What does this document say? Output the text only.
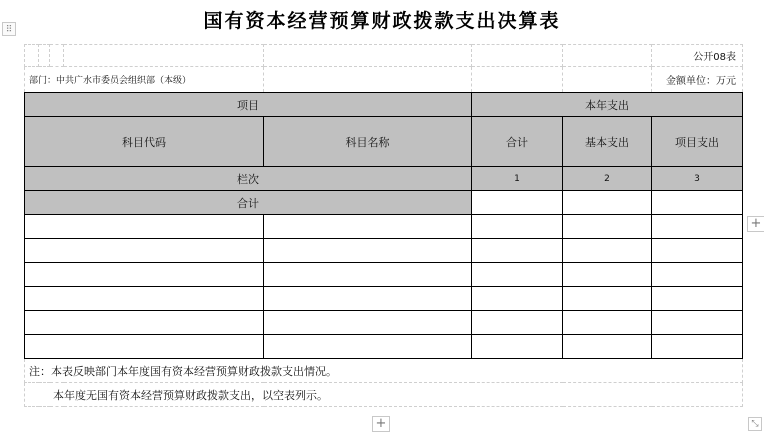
国有资本经营预算财政拨款支出决算表
⠿
							公开08表
部门：中共广水市委员会组织部（本级）							金额单位：万元
项目					本年支出		
科目代码				科目名称	合计	基本支出	项目支出
栏次					1	2	3
合计							

注：本表反映部门本年度国有资本经营预算财政拨款支出情况。							
本年度无国有资本经营预算财政拨款支出，以空表列示。							
+
+	⤡
